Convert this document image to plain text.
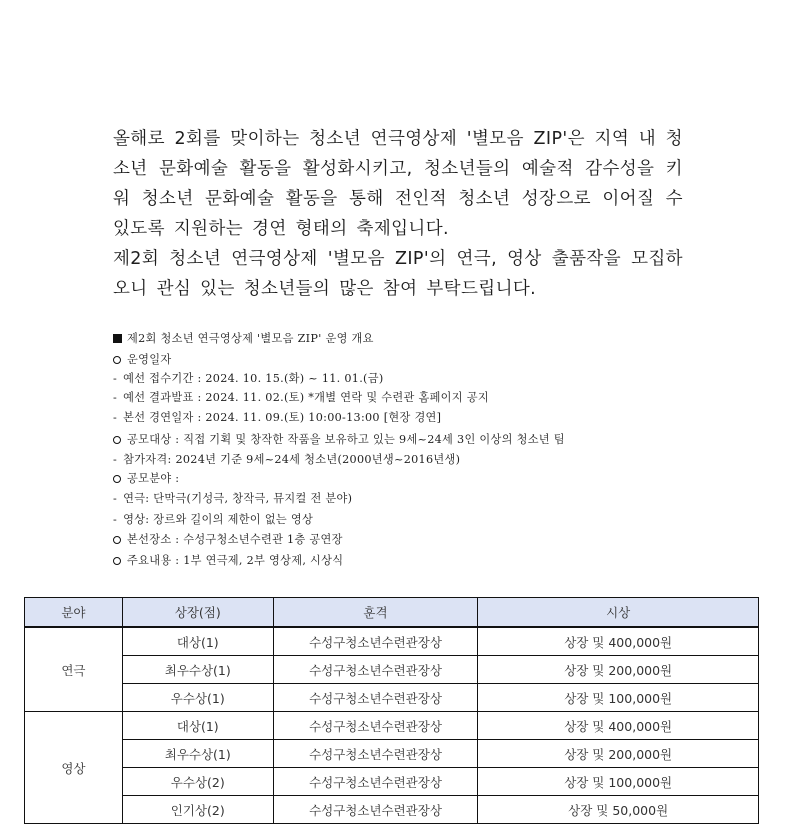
올해로 2회를 맞이하는 청소년 연극영상제 '별모음 ZIP'은 지역 내 청소년 문화예술 활동을 활성화시키고, 청소년들의 예술적 감수성을 키워 청소년 문화예술 활동을 통해 전인적 청소년 성장으로 이어질 수 있도록 지원하는 경연 형태의 축제입니다.

제2회 청소년 연극영상제 '별모음 ZIP'의 연극, 영상 출품작을 모집하오니 관심 있는 청소년들의 많은 참여 부탁드립니다.

제2회 청소년 연극영상제 '별모음 ZIP' 운영 개요
운영일자
- 예선 접수기간 : 2024. 10. 15.(화) ~ 11. 01.(금)
- 예선 결과발표 : 2024. 11. 02.(토) *개별 연락 및 수련관 홈페이지 공지
- 본선 경연일자 : 2024. 11. 09.(토) 10:00-13:00 [현장 경연]
공모대상 : 직접 기획 및 창작한 작품을 보유하고 있는 9세~24세 3인 이상의 청소년 팀
- 참가자격: 2024년 기준 9세~24세 청소년(2000년생~2016년생)
공모분야 :
- 연극: 단막극(기성극, 창작극, 뮤지컬 전 분야)
- 영상: 장르와 길이의 제한이 없는 영상
본선장소 : 수성구청소년수련관 1층 공연장
주요내용 : 1부 연극제, 2부 영상제, 시상식
분야	상장(점)	훈격	시상
연극	대상(1)	수성구청소년수련관장상	상장 및 400,000원
	최우수상(1)	수성구청소년수련관장상	상장 및 200,000원
	우수상(1)	수성구청소년수련관장상	상장 및 100,000원
영상	대상(1)	수성구청소년수련관장상	상장 및 400,000원
	최우수상(1)	수성구청소년수련관장상	상장 및 200,000원
	우수상(2)	수성구청소년수련관장상	상장 및 100,000원
	인기상(2)	수성구청소년수련관장상	상장 및 50,000원
